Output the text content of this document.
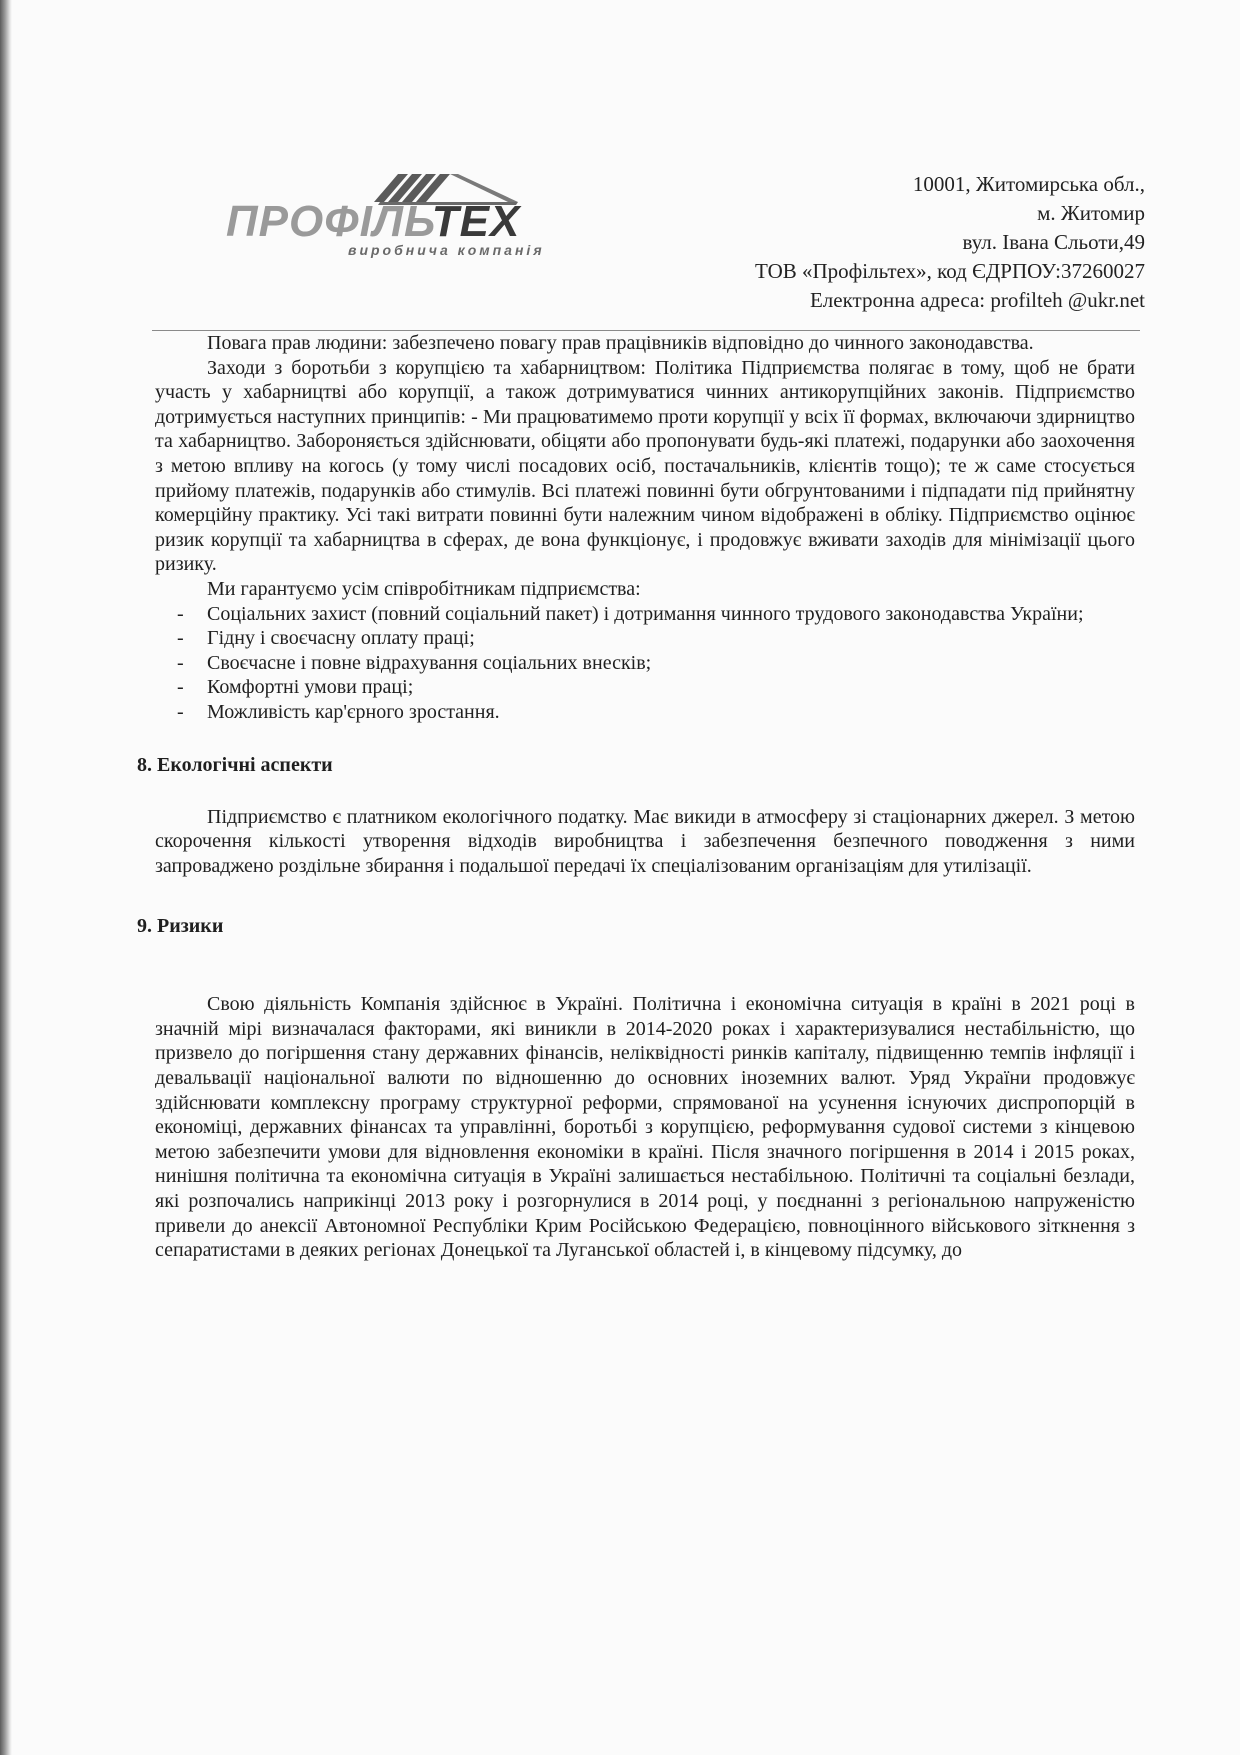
ПРОФІЛЬТЕХ
виробнича компанія
10001, Житомирська обл.,
м. Житомир
вул. Івана Сльоти,49
ТОВ «Профільтех», код ЄДРПОУ:37260027
Електронна адреса: profilteh @ukr.net

Повага прав людини: забезпечено повагу прав працівників відповідно до чинного законодавства.

Заходи з боротьби з корупцією та хабарництвом: Політика Підприємства полягає в тому, щоб не брати участь у хабарництві або корупції, а також дотримуватися чинних антикорупційних законів. Підприємство дотримується наступних принципів: - Ми працюватимемо проти корупції у всіх її формах, включаючи здирництво та хабарництво. Забороняється здійснювати, обіцяти або пропонувати будь-які платежі, подарунки або заохочення з метою впливу на когось (у тому числі посадових осіб, постачальників, клієнтів тощо); те ж саме стосується прийому платежів, подарунків або стимулів. Всі платежі повинні бути обгрунтованими і підпадати під прийнятну комерційну практику. Усі такі витрати повинні бути належним чином відображені в обліку. Підприємство оцінює ризик корупції та хабарництва в сферах, де вона функціонує, і продовжує вживати заходів для мінімізації цього ризику.

Ми гарантуємо усім співробітникам підприємства:

- Соціальних захист (повний соціальний пакет) і дотримання чинного трудового законодавства України;
- Гідну і своєчасну оплату праці;
- Своєчасне і повне відрахування соціальних внесків;
- Комфортні умови праці;
- Можливість кар'єрного зростання.
8. Екологічні аспекти

Підприємство є платником екологічного податку. Має викиди в атмосферу зі стаціонарних джерел. З метою скорочення кількості утворення відходів виробництва і забезпечення безпечного поводження з ними запроваджено роздільне збирання і подальшої передачі їх спеціалізованим організаціям для утилізації.

9. Ризики

Свою діяльність Компанія здійснює в Україні. Політична і економічна ситуація в країні в 2021 році в значній мірі визначалася факторами, які виникли в 2014-2020 роках і характеризувалися нестабільністю, що призвело до погіршення стану державних фінансів, неліквідності ринків капіталу, підвищенню темпів інфляції і девальвації національної валюти по відношенню до основних іноземних валют. Уряд України продовжує здійснювати комплексну програму структурної реформи, спрямованої на усунення існуючих диспропорцій в економіці, державних фінансах та управлінні, боротьбі з корупцією, реформування судової системи з кінцевою метою забезпечити умови для відновлення економіки в країні. Після значного погіршення в 2014 і 2015 роках, нинішня політична та економічна ситуація в Україні залишається нестабільною. Політичні та соціальні безлади, які розпочались наприкінці 2013 року і розгорнулися в 2014 році, у поєднанні з регіональною напруженістю привели до анексії Автономної Республіки Крим Російською Федерацією, повноцінного військового зіткнення з сепаратистами в деяких регіонах Донецької та Луганської областей і, в кінцевому підсумку, до
